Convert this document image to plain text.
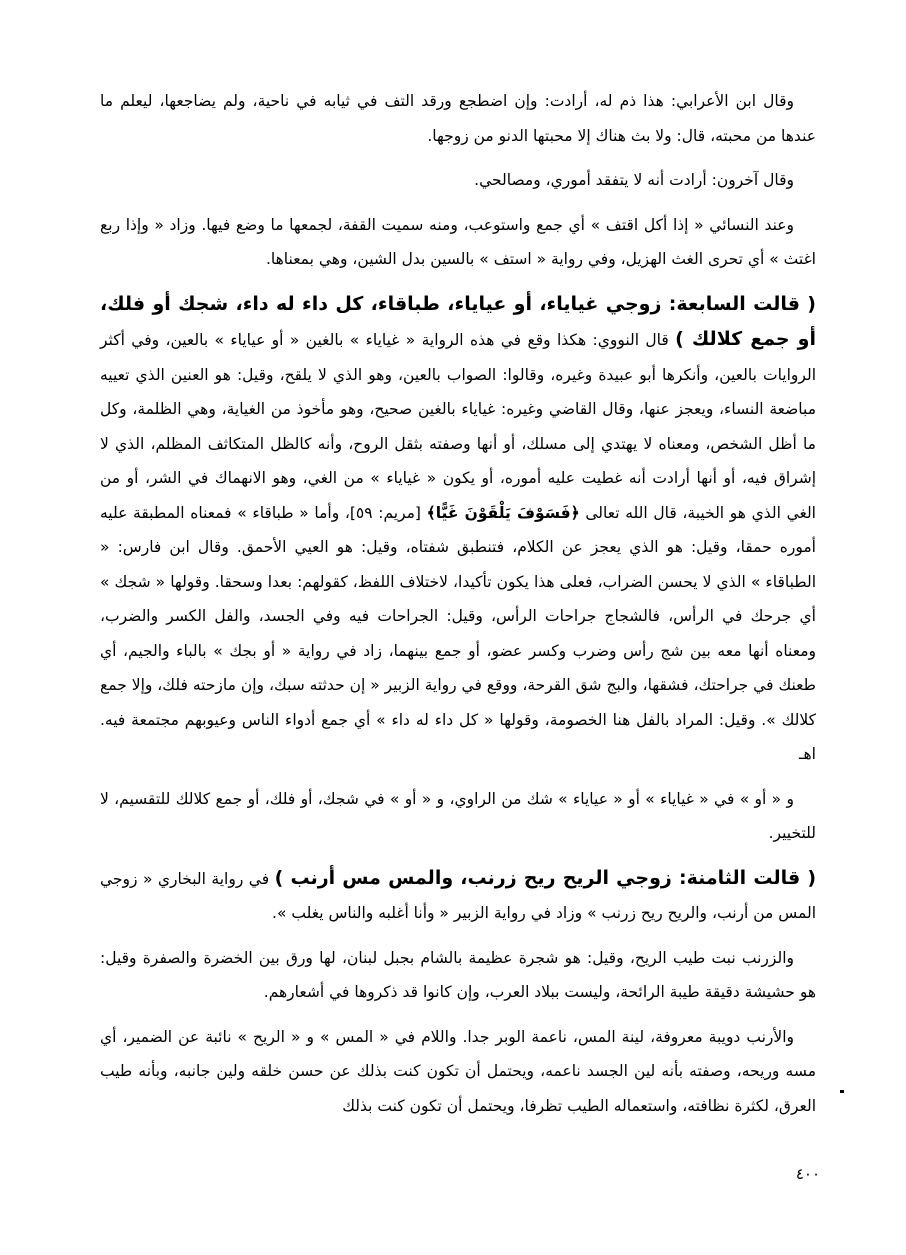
وقال ابن الأعرابي: هذا ذم له، أرادت: وإن اضطجع ورقد التف في ثيابه في ناحية، ولم يضاجعها، ليعلم ما عندها من محبته، قال: ولا بث هناك إلا محبتها الدنو من زوجها.

وقال آخرون: أرادت أنه لا يتفقد أموري، ومصالحي.

وعند النسائي « إذا أكل اقتف » أي جمع واستوعب، ومنه سميت القفة، لجمعها ما وضع فيها. وزاد « وإذا ربع اغتث » أي تحرى الغث الهزيل، وفي رواية « استف » بالسين بدل الشين، وهي بمعناها.

( قالت السابعة: زوجي غياياء، أو عياياء، طباقاء، كل داء له داء، شجك أو فلك، أو جمع كلالك ) قال النووي: هكذا وقع في هذه الرواية « غياياء » بالغين « أو عياياء » بالعين، وفي أكثر الروايات بالعين، وأنكرها أبو عبيدة وغيره، وقالوا: الصواب بالعين، وهو الذي لا يلقح، وقيل: هو العنين الذي تعييه مباضعة النساء، ويعجز عنها، وقال القاضي وغيره: غياياء بالغين صحيح، وهو مأخوذ من الغياية، وهي الظلمة، وكل ما أظل الشخص، ومعناه لا يهتدي إلى مسلك، أو أنها وصفته بثقل الروح، وأنه كالظل المتكاثف المظلم، الذي لا إشراق فيه، أو أنها أرادت أنه غطيت عليه أموره، أو يكون « غياياء » من الغي، وهو الانهماك في الشر، أو من الغي الذي هو الخيبة، قال الله تعالى ﴿فَسَوْفَ يَلْقَوْنَ غَيًّا﴾ [مريم: ٥٩]، وأما « طباقاء » فمعناه المطبقة عليه أموره حمقا، وقيل: هو الذي يعجز عن الكلام، فتنطبق شفتاه، وقيل: هو العيي الأحمق. وقال ابن فارس: « الطباقاء » الذي لا يحسن الضراب، فعلى هذا يكون تأكيدا، لاختلاف اللفظ، كقولهم: بعدا وسحقا. وقولها « شجك » أي جرحك في الرأس، فالشجاج جراحات الرأس، وقيل: الجراحات فيه وفي الجسد، والفل الكسر والضرب، ومعناه أنها معه بين شج رأس وضرب وكسر عضو، أو جمع بينهما، زاد في رواية « أو بجك » بالباء والجيم، أي طعنك في جراحتك، فشقها، والبج شق القرحة، ووقع في رواية الزبير « إن حدثته سبك، وإن مازحته فلك، وإلا جمع كلالك ». وقيل: المراد بالفل هنا الخصومة، وقولها « كل داء له داء » أي جمع أدواء الناس وعيوبهم مجتمعة فيه. اهـ

و « أو » في « غياياء » أو « عياياء » شك من الراوي، و « أو » في شجك، أو فلك، أو جمع كلالك للتقسيم، لا للتخيير.

( قالت الثامنة: زوجي الريح ريح زرنب، والمس مس أرنب ) في رواية البخاري « زوجي المس من أرنب، والريح ريح زرنب » وزاد في رواية الزبير « وأنا أغلبه والناس يغلب ».

والزرنب نبت طيب الريح، وقيل: هو شجرة عظيمة بالشام بجبل لبنان، لها ورق بين الخضرة والصفرة وقيل: هو حشيشة دقيقة طيبة الرائحة، وليست ببلاد العرب، وإن كانوا قد ذكروها في أشعارهم.

والأرنب دويبة معروفة، لينة المس، ناعمة الوبر جدا. واللام في « المس » و « الريح » نائبة عن الضمير، أي مسه وريحه، وصفته بأنه لين الجسد ناعمه، ويحتمل أن تكون كنت بذلك عن حسن خلقه ولين جانبه، وبأنه طيب العرق، لكثرة نظافته، واستعماله الطيب تظرفا، ويحتمل أن تكون كنت بذلك

٤٠٠
